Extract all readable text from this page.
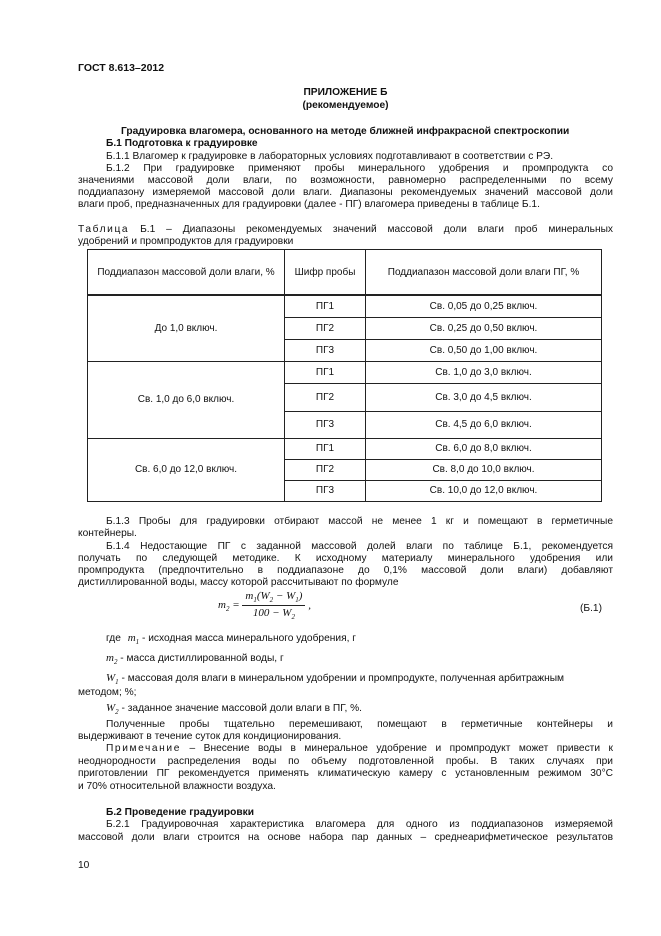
ГОСТ 8.613–2012
ПРИЛОЖЕНИЕ Б
(рекомендуемое)
Градуировка влагомера, основанного на методе ближней инфракрасной спектроскопии
Б.1 Подготовка к градуировке
Б.1.1 Влагомер к градуировке в лабораторных условиях подготавливают в соответствии с РЭ.
Б.1.2 При градуировке применяют пробы минерального удобрения и промпродукта со
значениями массовой доли влаги, по возможности, равномерно распределенными по всему
поддиапазону измеряемой массовой доли влаги. Диапазоны рекомендуемых значений массовой доли
влаги проб, предназначенных для градуировки (далее - ПГ) влагомера приведены в таблице Б.1.
Таблица Б.1 – Диапазоны рекомендуемых значений массовой доли влаги проб минеральных
удобрений и промпродуктов для градуировки
Поддиапазон массовой доли влаги, %	Шифр пробы	Поддиапазон массовой доли влаги ПГ, %
До 1,0 включ.	ПГ1	Св. 0,05 до 0,25 включ.
	ПГ2	Св. 0,25 до 0,50 включ.
	ПГ3	Св. 0,50 до 1,00 включ.
Св. 1,0 до 6,0 включ.	ПГ1	Св. 1,0 до 3,0 включ.
	ПГ2	Св. 3,0 до 4,5 включ.
	ПГ3	Св. 4,5 до 6,0 включ.
Св. 6,0 до 12,0 включ.	ПГ1	Св. 6,0 до 8,0 включ.
	ПГ2	Св. 8,0 до 10,0 включ.
	ПГ3	Св. 10,0 до 12,0 включ.
Б.1.3 Пробы для градуировки отбирают массой не менее 1 кг и помещают в герметичные
контейнеры.
Б.1.4 Недостающие ПГ с заданной массовой долей влаги по таблице Б.1, рекомендуется
получать по следующей методике. К исходному материалу минерального удобрения или
промпродукта (предпочтительно в поддиапазоне до 0,1% массовой доли влаги) добавляют
дистиллированной воды, массу которой рассчитывают по формуле
$m_2 = \frac{m_1(W_2 - W_1)}{100 - W_2}$ ,	(Б.1)
где $m_1$ - исходная масса минерального удобрения, г
$m_2$ - масса дистиллированной воды, г
$W_1$ - массовая доля влаги в минеральном удобрении и промпродукте, полученная арбитражным
методом; %;
$W_2$ - заданное значение массовой доли влаги в ПГ, %.
Полученные пробы тщательно перемешивают, помещают в герметичные контейнеры и
выдерживают в течение суток для кондиционирования.
Примечание – Внесение воды в минеральное удобрение и промпродукт может привести к
неоднородности распределения воды по объему подготовленной пробы. В таких случаях при
приготовлении ПГ рекомендуется применять климатическую камеру с установленным режимом 30°С
и 70% относительной влажности воздуха.
Б.2 Проведение градуировки
Б.2.1 Градуировочная характеристика влагомера для одного из поддиапазонов измеряемой
массовой доли влаги строится на основе набора пар данных – среднеарифметическое результатов
10
